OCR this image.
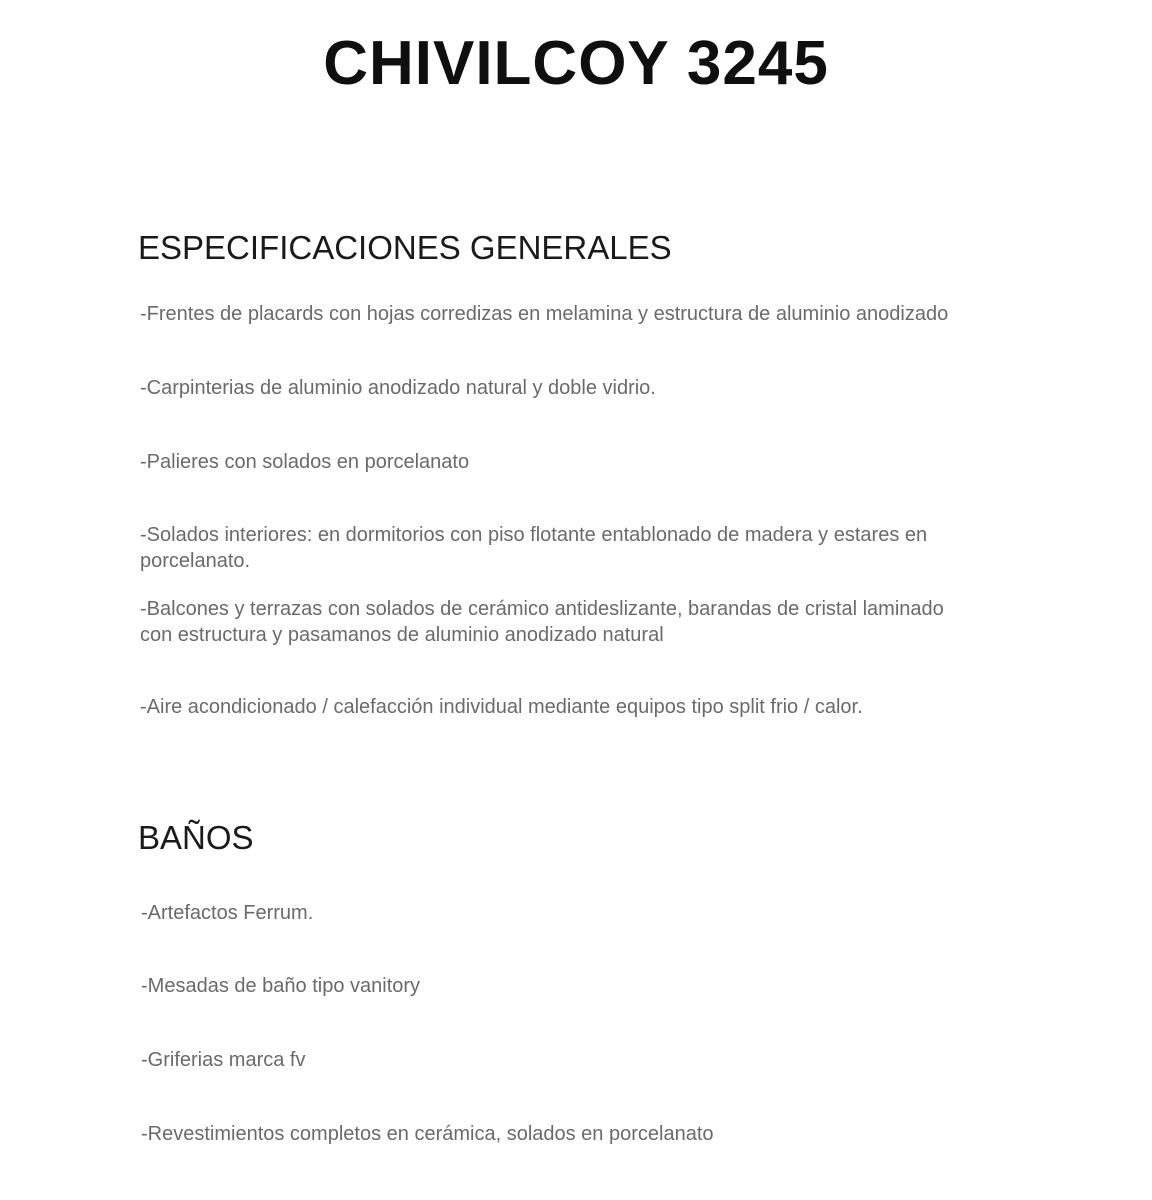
CHIVILCOY 3245
ESPECIFICACIONES GENERALES
-Frentes de placards con hojas corredizas en melamina y estructura de aluminio anodizado
-Carpinterias de aluminio anodizado natural y doble vidrio.
-Palieres con solados en porcelanato
-Solados interiores: en dormitorios con piso flotante entablonado de madera y estares en porcelanato.
-Balcones y terrazas con solados de cerámico antideslizante, barandas de cristal laminado con estructura y pasamanos de aluminio anodizado natural
-Aire acondicionado / calefacción individual mediante equipos tipo split frio / calor.
BAÑOS
-Artefactos Ferrum.
-Mesadas de baño tipo vanitory
-Griferias marca fv
-Revestimientos completos en cerámica, solados en porcelanato
